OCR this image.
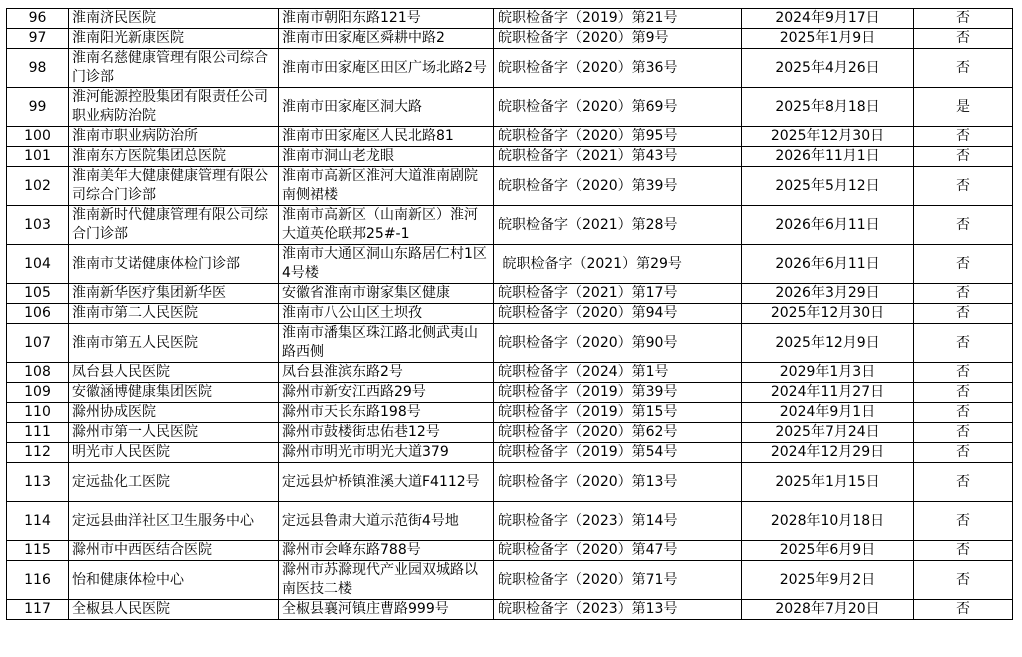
96	淮南济民医院	淮南市朝阳东路121号	皖职检备字（2019）第21号	2024年9月17日	否
97	淮南阳光新康医院	淮南市田家庵区舜耕中路2	皖职检备字（2020）第9号	2025年1月9日	否
98	淮南名慈健康管理有限公司综合门诊部	淮南市田家庵区田区广场北路2号	皖职检备字（2020）第36号	2025年4月26日	否
99	淮河能源控股集团有限责任公司职业病防治院	淮南市田家庵区洞大路	皖职检备字（2020）第69号	2025年8月18日	是
100	淮南市职业病防治所	淮南市田家庵区人民北路81	皖职检备字（2020）第95号	2025年12月30日	否
101	淮南东方医院集团总医院	淮南市洞山老龙眼	皖职检备字（2021）第43号	2026年11月1日	否
102	淮南美年大健康健康管理有限公司综合门诊部	淮南市高新区淮河大道淮南剧院南侧裙楼	皖职检备字（2020）第39号	2025年5月12日	否
103	淮南新时代健康管理有限公司综合门诊部	淮南市高新区（山南新区）淮河大道英伦联邦25#-1	皖职检备字（2021）第28号	2026年6月11日	否
104	淮南市艾诺健康体检门诊部	淮南市大通区洞山东路居仁村1区4号楼	皖职检备字（2021）第29号	2026年6月11日	否
105	淮南新华医疗集团新华医	安徽省淮南市谢家集区健康	皖职检备字（2021）第17号	2026年3月29日	否
106	淮南市第二人民医院	淮南市八公山区土坝孜	皖职检备字（2020）第94号	2025年12月30日	否
107	淮南市第五人民医院	淮南市潘集区珠江路北侧武夷山路西侧	皖职检备字（2020）第90号	2025年12月9日	否
108	凤台县人民医院	凤台县淮滨东路2号	皖职检备字（2024）第1号	2029年1月3日	否
109	安徽涵博健康集团医院	滁州市新安江西路29号	皖职检备字（2019）第39号	2024年11月27日	否
110	滁州协成医院	滁州市天长东路198号	皖职检备字（2019）第15号	2024年9月1日	否
111	滁州市第一人民医院	滁州市鼓楼街忠佑巷12号	皖职检备字（2020）第62号	2025年7月24日	否
112	明光市人民医院	滁州市明光市明光大道379	皖职检备字（2019）第54号	2024年12月29日	否
113	定远盐化工医院	定远县炉桥镇淮溪大道F4112号	皖职检备字（2020）第13号	2025年1月15日	否
114	定远县曲洋社区卫生服务中心	定远县鲁肃大道示范街4号地	皖职检备字（2023）第14号	2028年10月18日	否
115	滁州市中西医结合医院	滁州市会峰东路788号	皖职检备字（2020）第47号	2025年6月9日	否
116	怡和健康体检中心	滁州市苏滁现代产业园双城路以南医技二楼	皖职检备字（2020）第71号	2025年9月2日	否
117	全椒县人民医院	全椒县襄河镇庄曹路999号	皖职检备字（2023）第13号	2028年7月20日	否
